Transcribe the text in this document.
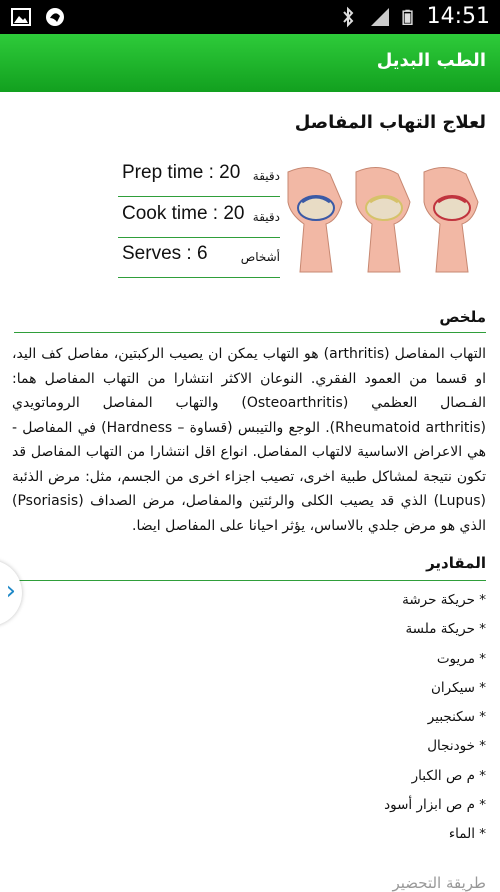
14:51
الطب البديل
لعلاج التهاب المفاصل
دقيقة
Prep time : 20
دقيقة
Cook time : 20
أشخاص
Serves : 6
ملخص
التهاب المفاصل (arthritis) هو التهاب يمكن ان يصيب الركبتين، مفاصل كف اليد، او قسما من العمود الفقري. النوعان الاكثر انتشارا من التهاب المفاصل هما: الفـصال العظمي (Osteoarthritis) والتهاب المفاصل الروماتويدي (Rheumatoid arthritis). الوجع والتيبس (قساوة – Hardness) في المفاصل - هي الاعراض الاساسية لالتهاب المفاصل. انواع اقل انتشارا من التهاب المفاصل قد تكون نتيجة لمشاكل طبية اخرى، تصيب اجزاء اخرى من الجسم، مثل: مرض الذئبة (Lupus) الذي قد يصيب الكلى والرئتين والمفاصل، مرض الصداف (Psoriasis) الذي هو مرض جلدي بالاساس، يؤثر احيانا على المفاصل ايضا.
المقادير
* حريكة حرشة
* حريكة ملسة
* مريوت
* سيكران
* سكنجبير
* خودنجال
* م ص الكبار
* م ص ابزار أسود
* الماء
›
طريقة التحضير
